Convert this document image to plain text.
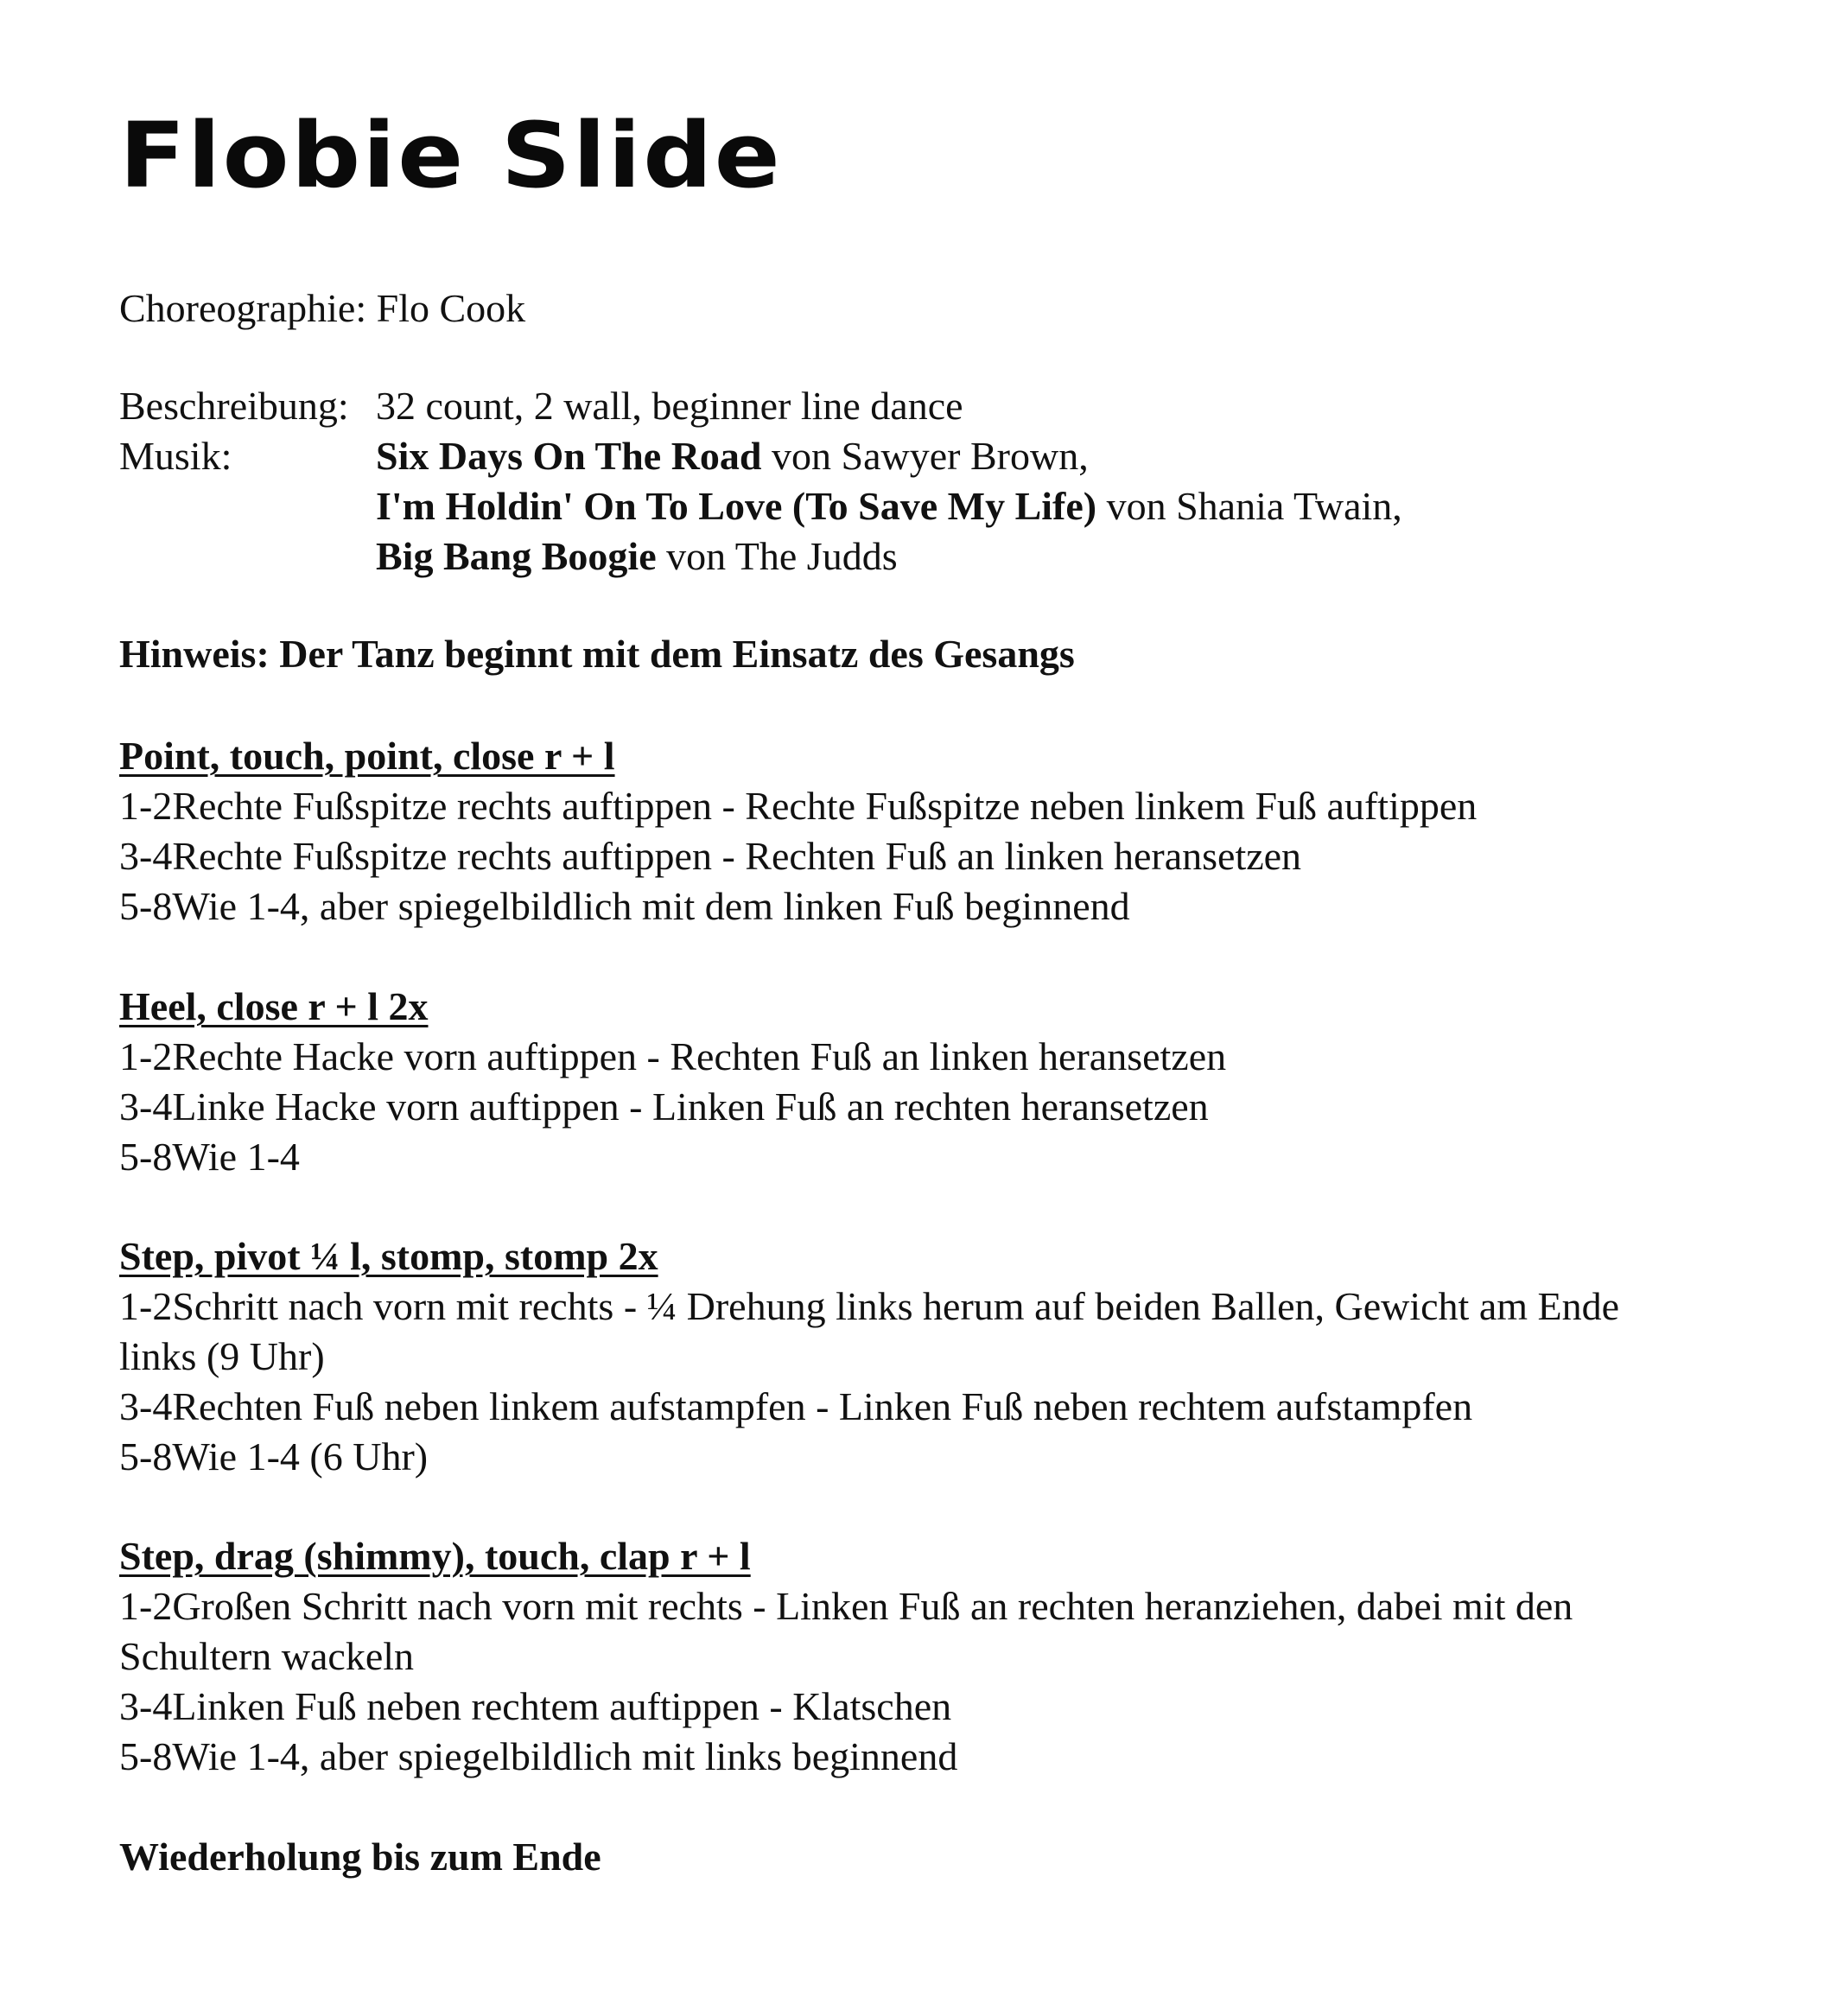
Flobie Slide
Choreographie: Flo Cook
Beschreibung: 32 count, 2 wall, beginner line dance
Musik:	Six Days On The Road von Sawyer Brown,
I'm Holdin' On To Love (To Save My Life) von Shania Twain,
Big Bang Boogie von The Judds
Hinweis: Der Tanz beginnt mit dem Einsatz des Gesangs
Point, touch, point, close r + l
1-2Rechte Fußspitze rechts auftippen - Rechte Fußspitze neben linkem Fuß auftippen
3-4Rechte Fußspitze rechts auftippen - Rechten Fuß an linken heransetzen
5-8Wie 1-4, aber spiegelbildlich mit dem linken Fuß beginnend
Heel, close r + l 2x
1-2Rechte Hacke vorn auftippen - Rechten Fuß an linken heransetzen
3-4Linke Hacke vorn auftippen - Linken Fuß an rechten heransetzen
5-8Wie 1-4
Step, pivot ¼ l, stomp, stomp 2x
1-2Schritt nach vorn mit rechts - ¼ Drehung links herum auf beiden Ballen, Gewicht am Ende
links (9 Uhr)
3-4Rechten Fuß neben linkem aufstampfen - Linken Fuß neben rechtem aufstampfen
5-8Wie 1-4 (6 Uhr)
Step, drag (shimmy), touch, clap r + l
1-2Großen Schritt nach vorn mit rechts - Linken Fuß an rechten heranziehen, dabei mit den
Schultern wackeln
3-4Linken Fuß neben rechtem auftippen - Klatschen
5-8Wie 1-4, aber spiegelbildlich mit links beginnend
Wiederholung bis zum Ende
